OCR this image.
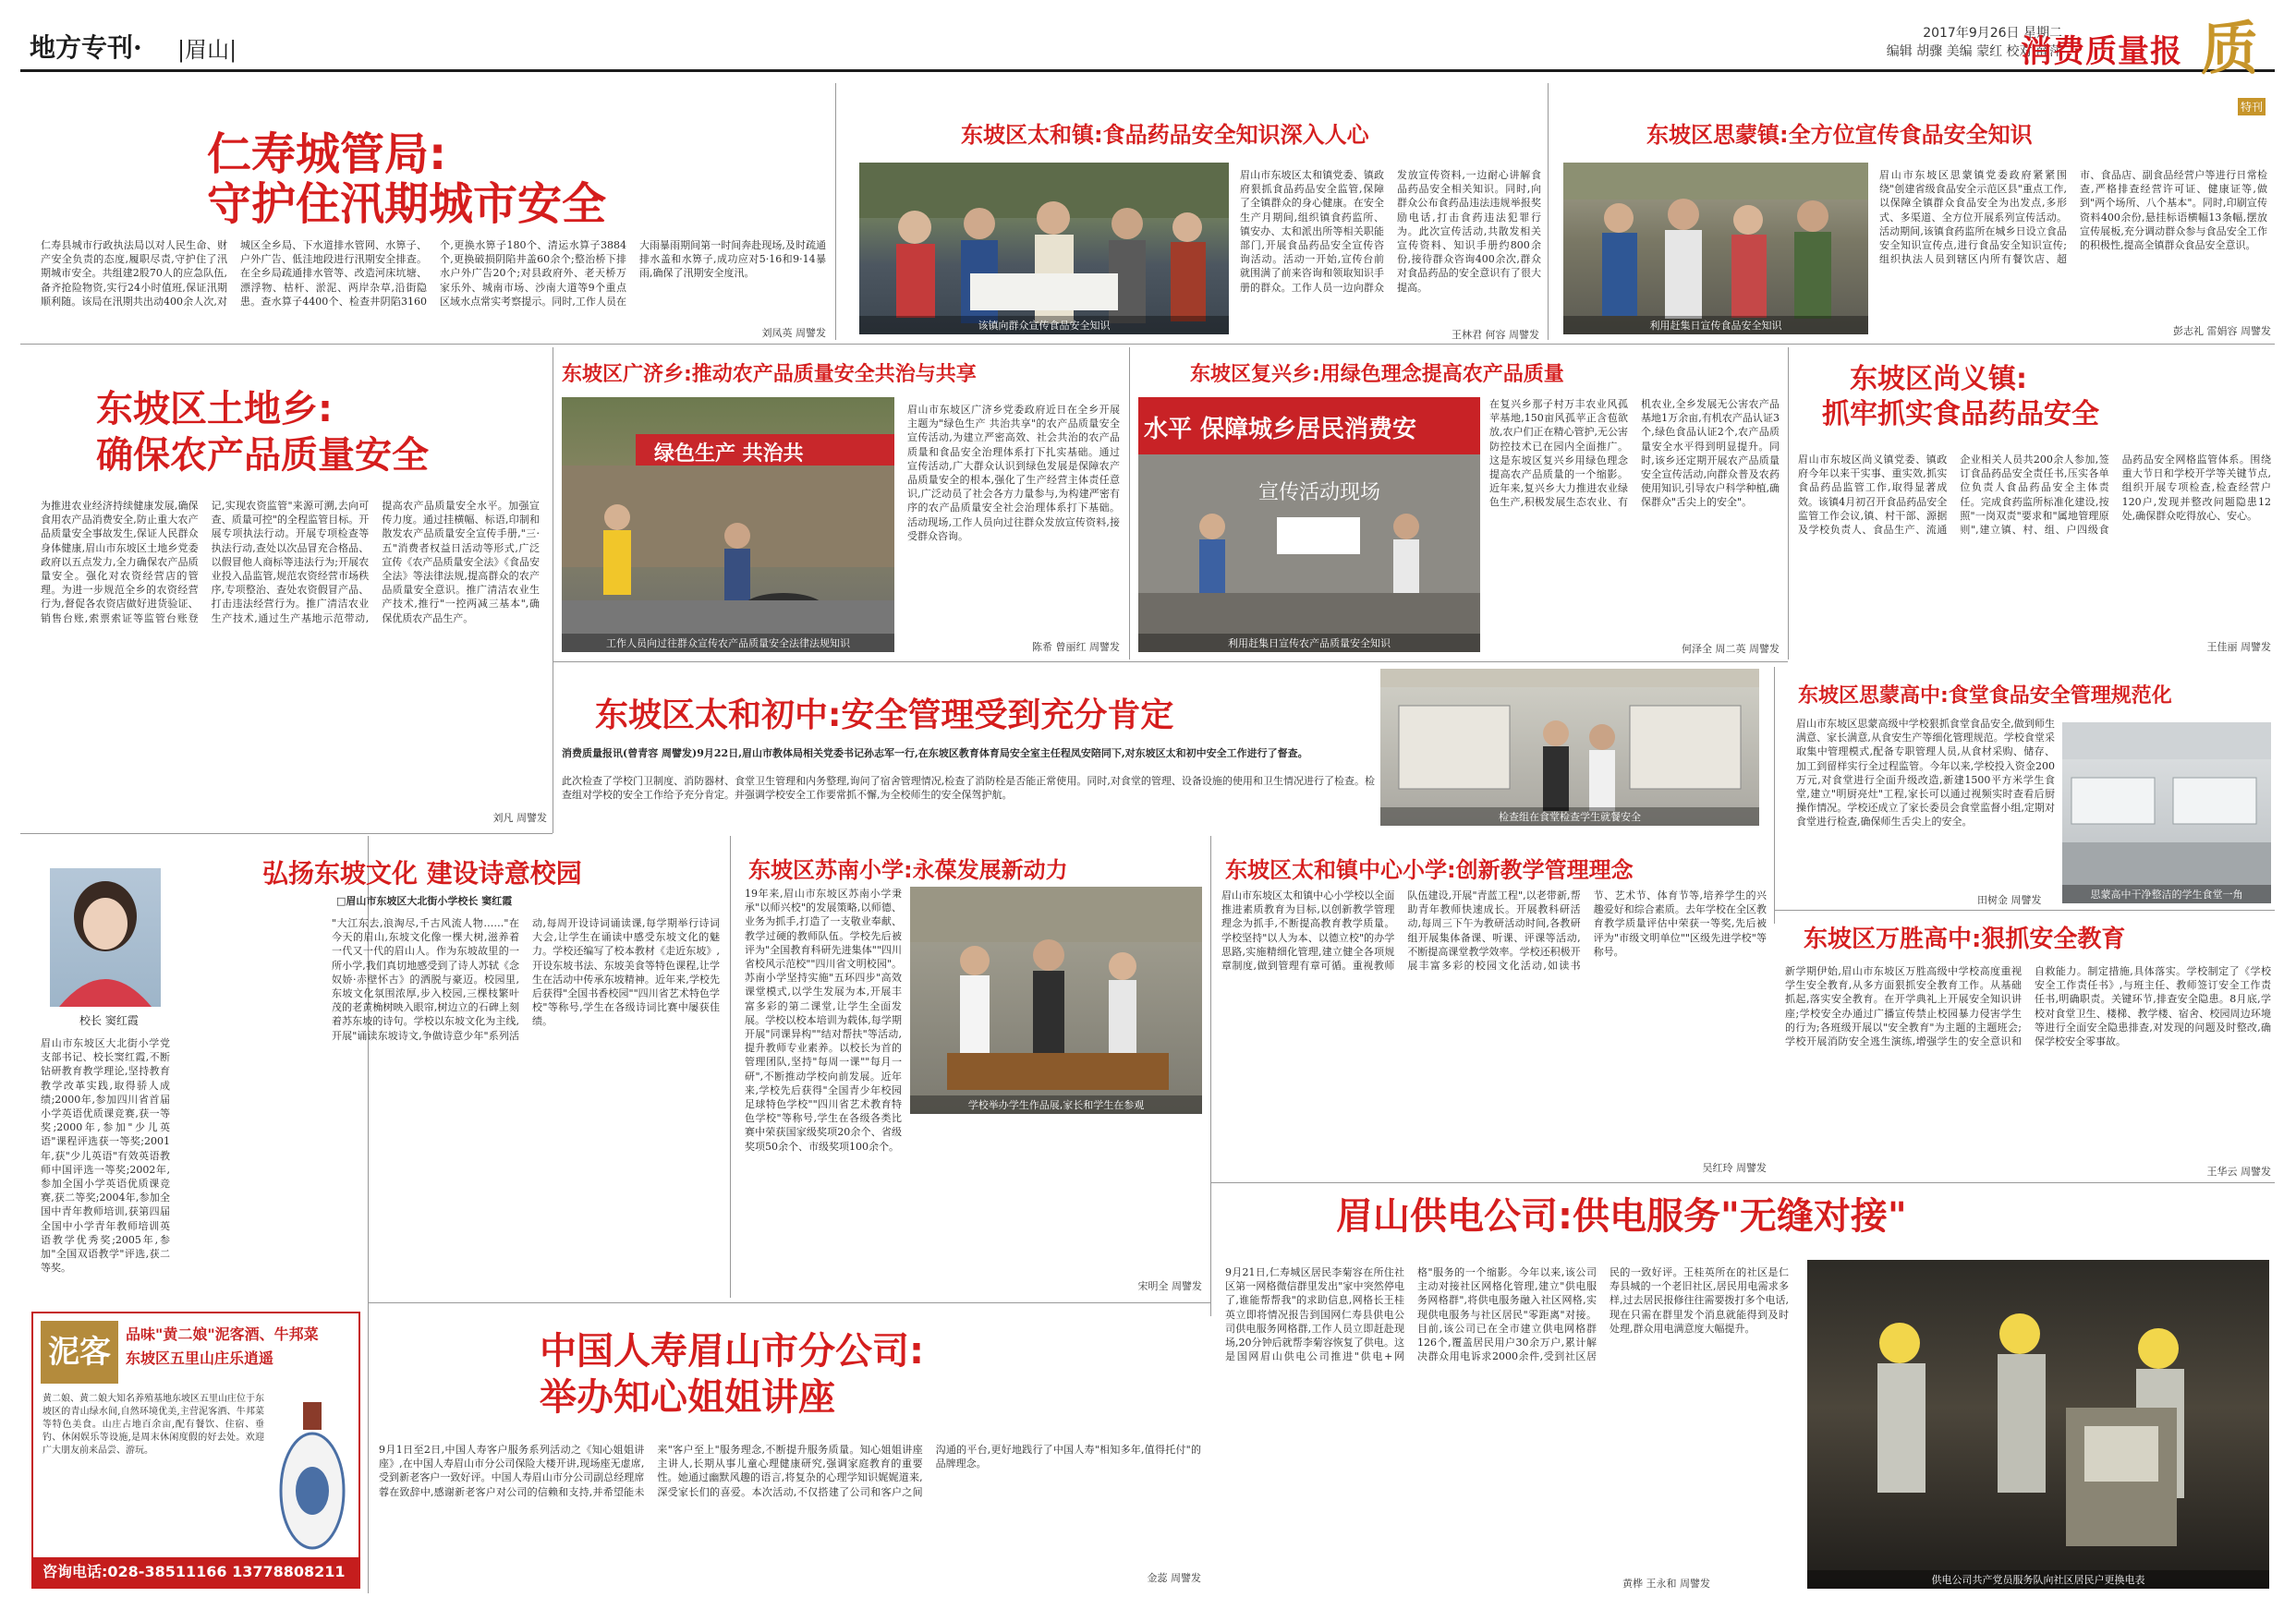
地方专刊· |眉山|
2017年9月26日 星期二
编辑 胡骤 美编 蒙红 校对 薛萍
消费质量报 质
特刊
仁寿城管局:
守护住汛期城市安全
仁寿县城市行政执法局以对人民生命、财产安全负责的态度,履职尽责,守护住了汛期城市安全。共组建2股70人的应急队伍,备齐抢险物资,实行24小时值班,保证汛期顺利随。该局在汛期共出动400余人次,对城区全乡局、下水道排水管网、水箅子、户外广告、低洼地段进行汛期安全排查。在全乡局疏通排水管等、改造河床坑塘、漂浮物、枯杆、淤泥、两岸杂草,沿街隐患。查水算子4400个、检查井阴陷3160个,更换水箅子180个、清运水算子3884个,更换破损阴陷井盖60余个;整治桥下排水户外广告20个;对县政府外、老天桥万家乐外、城南市场、沙南大道等9个重点区域水点常实考察提示。同时,工作人员在大雨暴雨期间第一时间奔赴现场,及时疏通排水盖和水箅子,成功应对5·16和9·14暴雨,确保了汛期安全度汛。
刘凤英 周譬发
东坡区太和镇:食品药品安全知识深入人心
该镇向群众宣传食品安全知识
眉山市东坡区太和镇党委、镇政府狠抓食品药品安全监管,保障了全镇群众的身心健康。在安全生产月期间,组织镇食药监所、镇安办、太和派出所等相关职能部门,开展食品药品安全宣传咨询活动。活动一开始,宣传台前就围满了前来咨询和领取知识手册的群众。工作人员一边向群众发放宣传资料,一边耐心讲解食品药品安全相关知识。同时,向群众公布食药品违法违规举报奖励电话,打击食药违法犯罪行为。此次宣传活动,共散发相关宣传资料、知识手册约800余份,接待群众咨询400余次,群众对食品药品的安全意识有了很大提高。
王林君 何容 周譬发
东坡区思蒙镇:全方位宣传食品安全知识
利用赶集日宣传食品安全知识
眉山市东坡区思蒙镇党委政府紧紧围绕"创建省级食品安全示范区县"重点工作,以保障全镇群众食品安全为出发点,多形式、多渠道、全方位开展系列宣传活动。活动期间,该镇食药监所在城乡日设立食品安全知识宣传点,进行食品安全知识宣传;组织执法人员到辖区内所有餐饮店、超市、食品店、副食品经营户等进行日常检查,严格排查经营许可证、健康证等,做到"两个场所、八个基本"。同时,印刷宣传资料400余份,悬挂标语横幅13条幅,摆放宣传展板,充分调动群众参与食品安全工作的积极性,提高全镇群众食品安全意识。
彭志礼 雷娟容 周譬发
东坡区土地乡:
确保农产品质量安全
为推进农业经济持续健康发展,确保食用农产品消费安全,防止重大农产品质量安全事故发生,保证人民群众身体健康,眉山市东坡区土地乡党委政府以五点发力,全力确保农产品质量安全。强化对农资经营店的管理。为进一步规范全乡的农资经营行为,督促各农资店做好进货验证、销售台账,索票索证等监管台账登记,实现农资监管"来源可溯,去向可查、质量可控"的全程监管目标。开展专项执法行动。开展专项检查等执法行动,查处以次品冒充合格品、以假冒他人商标等违法行为;开展农业投入品监管,规范农资经营市场秩序,专项整治、查处农资假冒产品、打击违法经营行为。推广清洁农业生产技术,通过生产基地示范带动,提高农产品质量安全水平。加强宣传力度。通过挂横幅、标语,印制和散发农产品质量安全宣传手册,"三·五"消费者权益日活动等形式,广泛宣传《农产品质量安全法》《食品安全法》等法律法规,提高群众的农产品质量安全意识。推广清洁农业生产技术,推行"一控两减三基本",确保优质农产品生产。
刘凡 周譬发
东坡区广济乡:推动农产品质量安全共治与共享
绿色生产 共治共
工作人员向过往群众宣传农产品质量安全法律法规知识
眉山市东坡区广济乡党委政府近日在全乡开展主题为"绿色生产 共治共享"的农产品质量安全宣传活动,为建立严密高效、社会共治的农产品质量和食品安全治理体系打下扎实基础。通过宣传活动,广大群众认识到绿色发展是保障农产品质量安全的根本,强化了生产经营主体责任意识,广泛动员了社会各方力量参与,为构建严密有序的农产品质量安全社会治理体系打下基础。活动现场,工作人员向过往群众发放宣传资料,接受群众咨询。
陈希 曾丽红 周譬发
东坡区复兴乡:用绿色理念提高农产品质量
水平 保障城乡居民消费安
宣传活动现场
利用赶集日宣传农产品质量安全知识
在复兴乡那子村万丰农业风孤苹基地,150亩风孤苹正含苞欲放,农户们正在精心管护,无公害防控技术已在园内全面推广。这是东坡区复兴乡用绿色理念提高农产品质量的一个缩影。近年来,复兴乡大力推进农业绿色生产,积极发展生态农业、有机农业,全乡发展无公害农产品基地1万余亩,有机农产品认证3个,绿色食品认证2个,农产品质量安全水平得到明显提升。同时,该乡还定期开展农产品质量安全宣传活动,向群众普及农药使用知识,引导农户科学种植,确保群众"舌尖上的安全"。
何泽全 周二英 周譬发
东坡区尚义镇:
抓牢抓实食品药品安全
眉山市东坡区尚义镇党委、镇政府今年以来干实事、重实效,抓实食品药品监管工作,取得显著成效。该镇4月初召开食品药品安全监管工作会议,镇、村干部、源据及学校负责人、食品生产、流通企业相关人员共200余人参加,签订食品药品安全责任书,压实各单位负责人食品药品安全主体责任。完成食药监所标准化建设,按照"一岗双责"要求和"属地管理原则",建立镇、村、组、户四级食品药品安全网格监管体系。围绕重大节日和学校开学等关键节点,组织开展专项检查,检查经营户120户,发现并整改问题隐患12处,确保群众吃得放心、安心。
王佳丽 周譬发
东坡区太和初中:安全管理受到充分肯定
消费质量报讯(曾青容 周譬发)9月22日,眉山市教体局相关党委书记孙志军一行,在东坡区教育体育局安全室主任程凤安陪同下,对东坡区太和初中安全工作进行了督查。
此次检查了学校门卫制度、消防器材、食堂卫生管理和内务整理,询问了宿舍管理情况,检查了消防栓是否能正常使用。同时,对食堂的管理、设备设施的使用和卫生情况进行了检查。检查组对学校的安全工作给予充分肯定。并强调学校安全工作要常抓不懈,为全校师生的安全保驾护航。
检查组在食堂检查学生就餐安全
东坡区思蒙高中:食堂食品安全管理规范化
眉山市东坡区思蒙高级中学校狠抓食堂食品安全,做到师生满意、家长满意,从食安生产等细化管理规范。学校食堂采取集中管理模式,配备专职管理人员,从食材采购、储存、加工到留样实行全过程监管。今年以来,学校投入资金200万元,对食堂进行全面升级改造,新建1500平方米学生食堂,建立"明厨亮灶"工程,家长可以通过视频实时查看后厨操作情况。学校还成立了家长委员会食堂监督小组,定期对食堂进行检查,确保师生舌尖上的安全。
思蒙高中干净整洁的学生食堂一角
田树金 周譬发
弘扬东坡文化 建设诗意校园
校长 窦红霞
眉山市东坡区大北街小学党支部书记、校长窦红霞,不断钻研教育教学理论,坚持教育教学改革实践,取得骄人成绩;2000年,参加四川省首届小学英语优质课竞赛,获一等奖;2000年,参加"少儿英语"课程评选获一等奖;2001年,获"少儿英语"有效英语教师中国评选一等奖;2002年,参加全国小学英语优质课竞赛,获二等奖;2004年,参加全国中青年教师培训,获第四届全国中小学青年教师培训英语教学优秀奖;2005年,参加"全国双语教学"评选,获二等奖。
□眉山市东坡区大北街小学校长 窦红霞
"大江东去,浪淘尽,千古风流人物……"在今天的眉山,东坡文化像一棵大树,滋养着一代又一代的眉山人。作为东坡故里的一所小学,我们真切地感受到了诗人苏轼《念奴娇·赤壁怀古》的洒脱与豪迈。校园里,东坡文化氛围浓厚,步入校园,三棵枝繁叶茂的老黄桷树映入眼帘,树边立的石碑上刻着苏东坡的诗句。学校以东坡文化为主线,开展"诵读东坡诗文,争做诗意少年"系列活动,每周开设诗词诵读课,每学期举行诗词大会,让学生在诵读中感受东坡文化的魅力。学校还编写了校本教材《走近东坡》,开设东坡书法、东坡美食等特色课程,让学生在活动中传承东坡精神。近年来,学校先后获得"全国书香校园""四川省艺术特色学校"等称号,学生在各级诗词比赛中屡获佳绩。
东坡区苏南小学:永葆发展新动力
19年来,眉山市东坡区苏南小学秉承"以师兴校"的发展策略,以师德、业务为抓手,打造了一支敬业奉献、教学过硬的教师队伍。学校先后被评为"全国教育科研先进集体""四川省校风示范校""四川省文明校园"。苏南小学坚持实施"五环四步"高效课堂模式,以学生发展为本,开展丰富多彩的第二课堂,让学生全面发展。学校以校本培训为载体,每学期开展"同课异构""结对帮扶"等活动,提升教师专业素养。以校长为首的管理团队,坚持"每周一课""每月一研",不断推动学校向前发展。近年来,学校先后获得"全国青少年校园足球特色学校""四川省艺术教育特色学校"等称号,学生在各级各类比赛中荣获国家级奖项20余个、省级奖项50余个、市级奖项100余个。
学校举办学生作品展,家长和学生在参观
宋明全 周譬发
东坡区太和镇中心小学:创新教学管理理念
眉山市东坡区太和镇中心小学校以全面推进素质教育为目标,以创新教学管理理念为抓手,不断提高教育教学质量。学校坚持"以人为本、以德立校"的办学思路,实施精细化管理,建立健全各项规章制度,做到管理有章可循。重视教师队伍建设,开展"青蓝工程",以老带新,帮助青年教师快速成长。开展教科研活动,每周三下午为教研活动时间,各教研组开展集体备课、听课、评课等活动,不断提高课堂教学效率。学校还积极开展丰富多彩的校园文化活动,如读书节、艺术节、体育节等,培养学生的兴趣爱好和综合素质。去年学校在全区教育教学质量评估中荣获一等奖,先后被评为"市级文明单位""区级先进学校"等称号。
吴红玲 周譬发
东坡区万胜高中:狠抓安全教育
新学期伊始,眉山市东坡区万胜高级中学校高度重视学生安全教育,从多方面狠抓安全教育工作。从基础抓起,落实安全教育。在开学典礼上开展安全知识讲座;学校安全办通过广播宣传禁止校园暴力侵害学生的行为;各班级开展以"安全教育"为主题的主题班会;学校开展消防安全逃生演练,增强学生的安全意识和自救能力。制定措施,具体落实。学校制定了《学校安全工作责任书》,与班主任、教师签订安全工作责任书,明确职责。关键环节,排查安全隐患。8月底,学校对食堂卫生、楼梯、教学楼、宿舍、校园周边环境等进行全面安全隐患排查,对发现的问题及时整改,确保学校安全零事故。
王华云 周譬发
眉山供电公司:供电服务"无缝对接"
9月21日,仁寿城区居民李菊容在所住社区第一网格微信群里发出"家中突然停电了,谁能帮帮我"的求助信息,网格长王桂英立即将情况报告到国网仁寿县供电公司供电服务网格群,工作人员立即赶赴现场,20分钟后就帮李菊容恢复了供电。这是国网眉山供电公司推进"供电+网格"服务的一个缩影。今年以来,该公司主动对接社区网格化管理,建立"供电服务网格群",将供电服务融入社区网格,实现供电服务与社区居民"零距离"对接。目前,该公司已在全市建立供电网格群126个,覆盖居民用户30余万户,累计解决群众用电诉求2000余件,受到社区居民的一致好评。王桂英所在的社区是仁寿县城的一个老旧社区,居民用电需求多样,过去居民报修往往需要拨打多个电话,现在只需在群里发个消息就能得到及时处理,群众用电满意度大幅提升。
黄桦 王永和 周譬发	供电公司共产党员服务队向社区居民户更换电表
中国人寿眉山市分公司:
举办知心姐姐讲座
9月1日至2日,中国人寿客户服务系列活动之《知心姐姐讲座》,在中国人寿眉山市分公司保险大楼开讲,现场座无虚席,受到新老客户一致好评。中国人寿眉山市分公司副总经理席蓉在致辞中,感谢新老客户对公司的信赖和支持,并希望能未来"客户至上"服务理念,不断提升服务质量。知心姐姐讲座主讲人,长期从事儿童心理健康研究,强调家庭教育的重要性。她通过幽默风趣的语言,将复杂的心理学知识娓娓道来,深受家长们的喜爱。本次活动,不仅搭建了公司和客户之间沟通的平台,更好地践行了中国人寿"相知多年,值得托付"的品牌理念。
金蕊 周譬发
泥客	品味"黄二娘"泥客酒、牛邦菜
东坡区五里山庄乐逍遥
黄二娘、黄二娘大知名养殖基地东坡区五里山庄位于东坡区的青山绿水间,自然环境优美,主营泥客酒、牛邦菜等特色美食。山庄占地百余亩,配有餐饮、住宿、垂钓、休闲娱乐等设施,是周末休闲度假的好去处。欢迎广大朋友前来品尝、游玩。
咨询电话:028-38511166 13778808211
